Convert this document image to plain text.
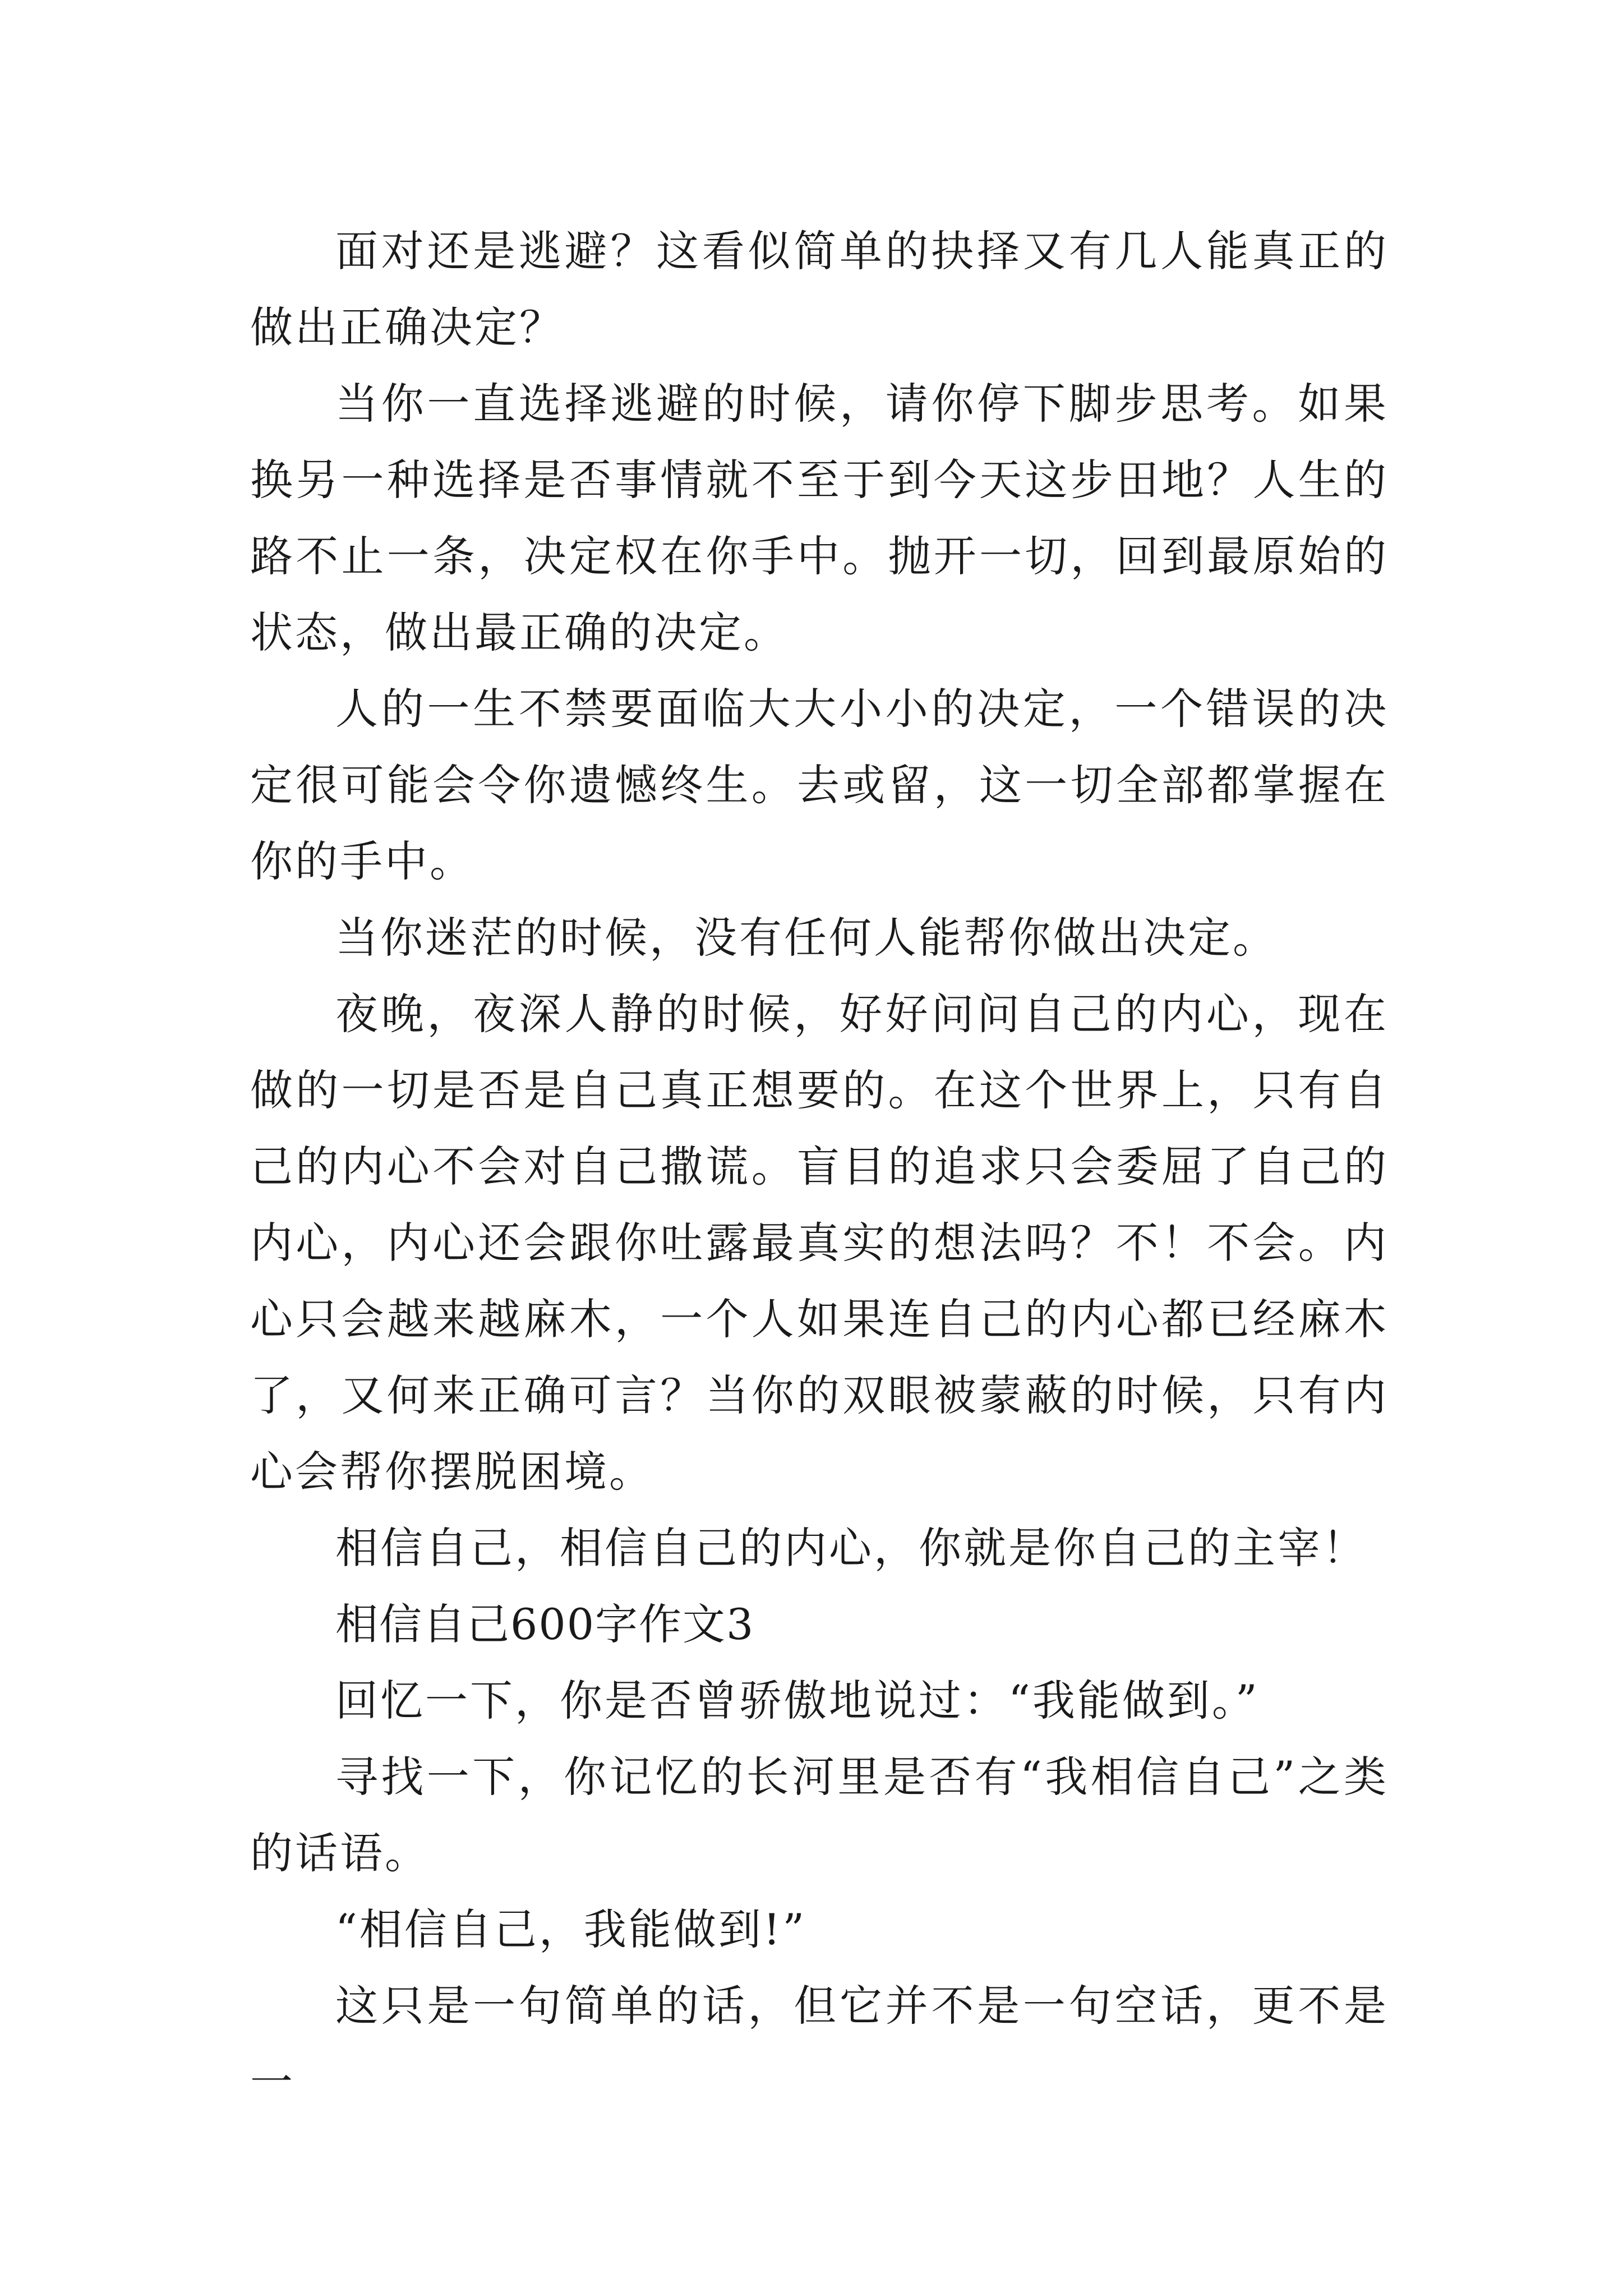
面对还是逃避？这看似简单的抉择又有几人能真正的做出正确决定？

当你一直选择逃避的时候，请你停下脚步思考。如果换另一种选择是否事情就不至于到今天这步田地？人生的路不止一条，决定权在你手中。抛开一切，回到最原始的状态，做出最正确的决定。

人的一生不禁要面临大大小小的决定，一个错误的决定很可能会令你遗憾终生。去或留，这一切全部都掌握在你的手中。

当你迷茫的时候，没有任何人能帮你做出决定。

夜晚，夜深人静的时候，好好问问自己的内心，现在做的一切是否是自己真正想要的。在这个世界上，只有自己的内心不会对自己撒谎。盲目的追求只会委屈了自己的内心，内心还会跟你吐露最真实的想法吗？不！不会。内心只会越来越麻木，一个人如果连自己的内心都已经麻木了，又何来正确可言？当你的双眼被蒙蔽的时候，只有内心会帮你摆脱困境。

相信自己，相信自己的内心，你就是你自己的主宰！

相信自己600字作文3

回忆一下，你是否曾骄傲地说过：“我能做到。”

寻找一下，你记忆的长河里是否有“我相信自己”之类的话语。

“相信自己，我能做到!”

这只是一句简单的话，但它并不是一句空话，更不是一
